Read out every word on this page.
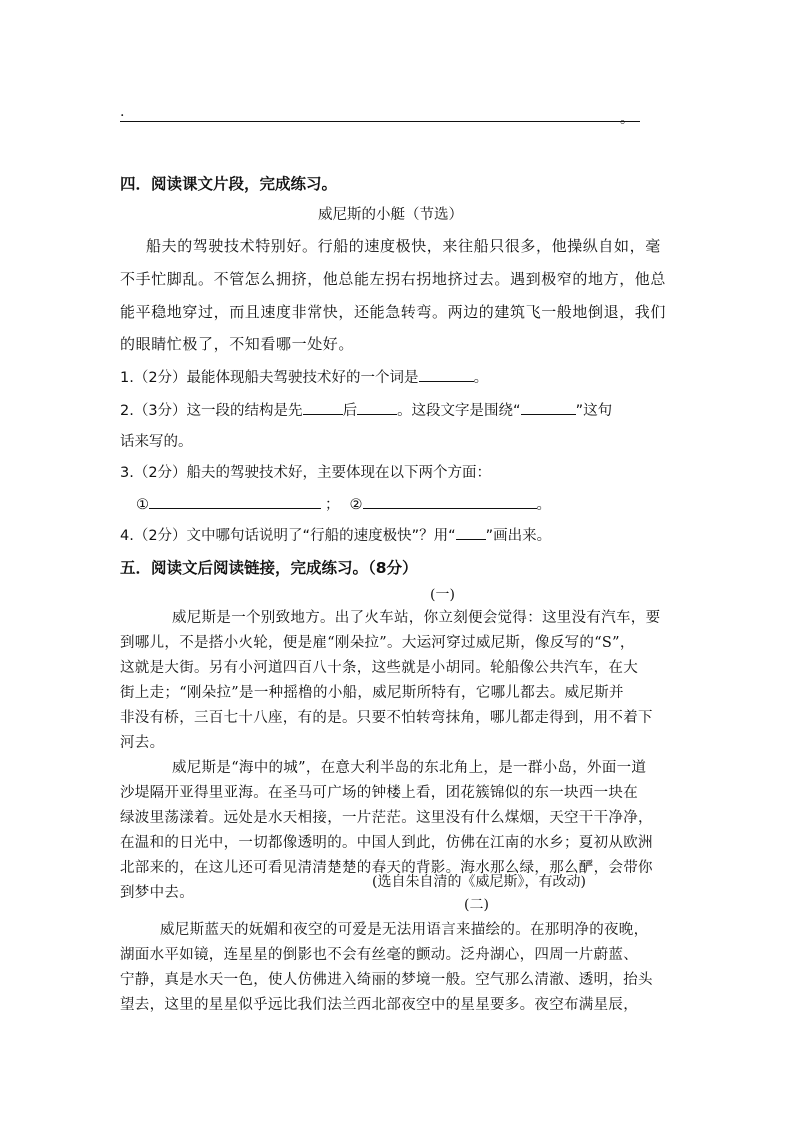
.	。
四．阅读课文片段，完成练习。
威尼斯的小艇（节选）
船夫的驾驶技术特别好。行船的速度极快，来往船只很多，他操纵自如，毫
不手忙脚乱。不管怎么拥挤，他总能左拐右拐地挤过去。遇到极窄的地方，他总
能平稳地穿过，而且速度非常快，还能急转弯。两边的建筑飞一般地倒退，我们
的眼睛忙极了，不知看哪一处好。
1.（2分）最能体现船夫驾驶技术好的一个词是	。
2.（3分）这一段的结构是先	后	。这段文字是围绕“	”这句
话来写的。
3.（2分）船夫的驾驶技术好，主要体现在以下两个方面：
①	； ②	。
4.（2分）文中哪句话说明了“行船的速度极快”？用“ ”画出来。
五．阅读文后阅读链接，完成练习。（8分）
(一)
威尼斯是一个别致地方。出了火车站，你立刻便会觉得：这里没有汽车，要
到哪儿，不是搭小火轮，便是雇“刚朵拉”。大运河穿过威尼斯，像反写的“S”，
这就是大街。另有小河道四百八十条，这些就是小胡同。轮船像公共汽车，在大
街上走；“刚朵拉”是一种摇橹的小船，威尼斯所特有，它哪儿都去。威尼斯并
非没有桥，三百七十八座，有的是。只要不怕转弯抹角，哪儿都走得到，用不着下
河去。
威尼斯是“海中的城”，在意大利半岛的东北角上，是一群小岛，外面一道
沙堤隔开亚得里亚海。在圣马可广场的钟楼上看，团花簇锦似的东一块西一块在
绿波里荡漾着。远处是水天相接，一片茫茫。这里没有什么煤烟，天空干干净净，
在温和的日光中，一切都像透明的。中国人到此，仿佛在江南的水乡；夏初从欧洲
北部来的，在这儿还可看见清清楚楚的春天的背影。海水那么绿，那么酽，会带你
到梦中去。
(选自朱自清的《威尼斯》，有改动)
(二)
威尼斯蓝天的妩媚和夜空的可爱是无法用语言来描绘的。在那明净的夜晚，
湖面水平如镜，连星星的倒影也不会有丝毫的颤动。泛舟湖心，四周一片蔚蓝、
宁静，真是水天一色，使人仿佛进入绮丽的梦境一般。空气那么清澈、透明，抬头
望去，这里的星星似乎远比我们法兰西北部夜空中的星星要多。夜空布满星辰，
